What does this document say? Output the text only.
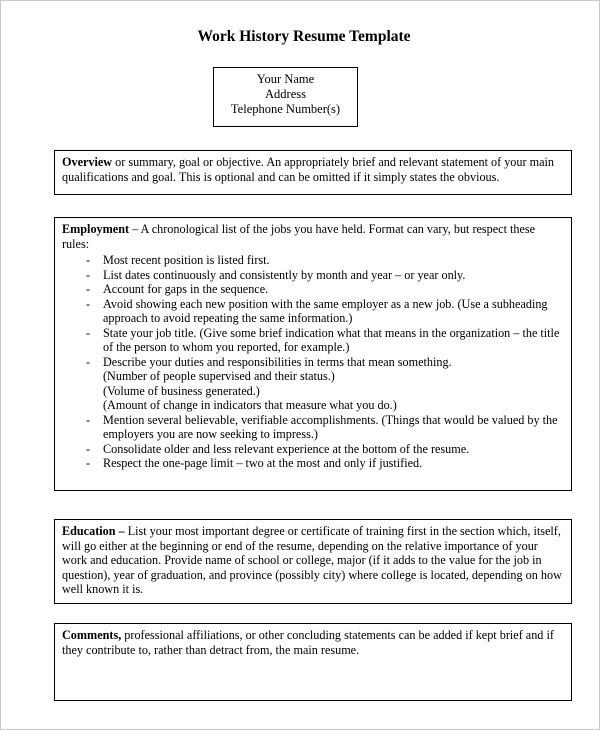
Work History Resume Template
Your Name
Address
Telephone Number(s)
Overview or summary, goal or objective. An appropriately brief and relevant statement of your main qualifications and goal. This is optional and can be omitted if it simply states the obvious.
Employment – A chronological list of the jobs you have held. Format can vary, but respect these rules:
- Most recent position is listed first.
- List dates continuously and consistently by month and year – or year only.
- Account for gaps in the sequence.
- Avoid showing each new position with the same employer as a new job. (Use a subheading approach to avoid repeating the same information.)
- State your job title. (Give some brief indication what that means in the organization – the title of the person to whom you reported, for example.)
- Describe your duties and responsibilities in terms that mean something.
(Number of people supervised and their status.)
(Volume of business generated.)
(Amount of change in indicators that measure what you do.)
- Mention several believable, verifiable accomplishments. (Things that would be valued by the employers you are now seeking to impress.)
- Consolidate older and less relevant experience at the bottom of the resume.
- Respect the one-page limit – two at the most and only if justified.
Education – List your most important degree or certificate of training first in the section which, itself, will go either at the beginning or end of the resume, depending on the relative importance of your work and education. Provide name of school or college, major (if it adds to the value for the job in question), year of graduation, and province (possibly city) where college is located, depending on how well known it is.
Comments, professional affiliations, or other concluding statements can be added if kept brief and if they contribute to, rather than detract from, the main resume.
